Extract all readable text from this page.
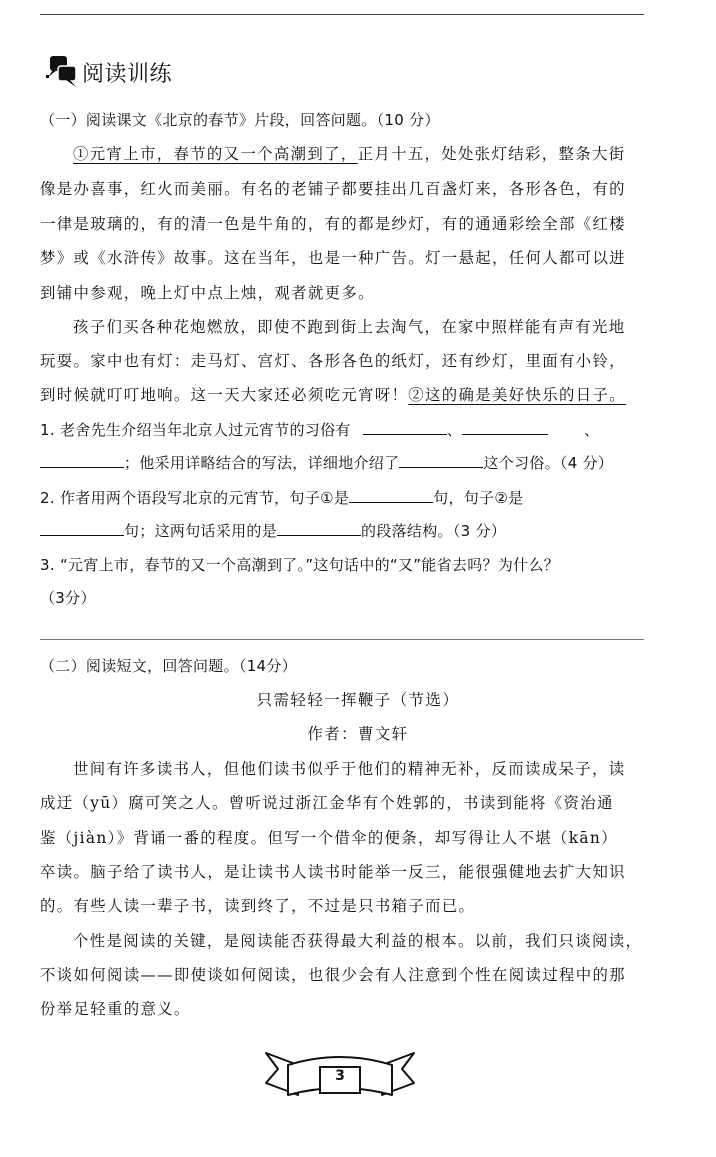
阅读训练
（一）阅读课文《北京的春节》片段，回答问题。（10 分）
①元宵上市，春节的又一个高潮到了，正月十五，处处张灯结彩，整条大街
像是办喜事，红火而美丽。有名的老铺子都要挂出几百盏灯来，各形各色，有的
一律是玻璃的，有的清一色是牛角的，有的都是纱灯，有的通通彩绘全部《红楼
梦》或《水浒传》故事。这在当年，也是一种广告。灯一悬起，任何人都可以进
到铺中参观，晚上灯中点上烛，观者就更多。
孩子们买各种花炮燃放，即使不跑到街上去淘气，在家中照样能有声有光地
玩耍。家中也有灯：走马灯、宫灯、各形各色的纸灯，还有纱灯，里面有小铃，
到时候就叮叮地响。这一天大家还必须吃元宵呀！②这的确是美好快乐的日子。
1. 老舍先生介绍当年北京人过元宵节的习俗有	、	、
；他采用详略结合的写法，详细地介绍了	这个习俗。（4 分）
2. 作者用两个语段写北京的元宵节，句子①是	句，句子②是
句；这两句话采用的是	的段落结构。（3 分）
3. “元宵上市，春节的又一个高潮到了。”这句话中的“又”能省去吗？为什么？
（3分）
（二）阅读短文，回答问题。（14分）
只需轻轻一挥鞭子（节选）
作者：曹文轩
世间有许多读书人，但他们读书似乎于他们的精神无补，反而读成呆子，读
成迂（yū）腐可笑之人。曾听说过浙江金华有个姓郭的，书读到能将《资治通
鉴（jiàn）》背诵一番的程度。但写一个借伞的便条，却写得让人不堪（kān）
卒读。脑子给了读书人，是让读书人读书时能举一反三，能很强健地去扩大知识
的。有些人读一辈子书，读到终了，不过是只书箱子而已。
个性是阅读的关键，是阅读能否获得最大利益的根本。以前，我们只谈阅读，
不谈如何阅读——即使谈如何阅读，也很少会有人注意到个性在阅读过程中的那
份举足轻重的意义。
3
